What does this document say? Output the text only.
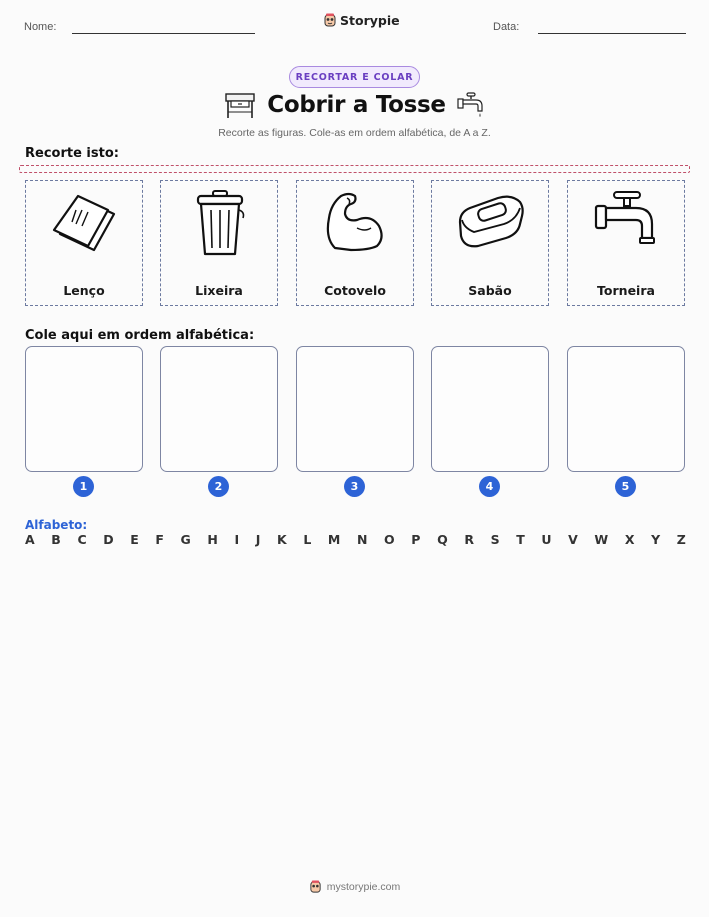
Nome:	Storypie	Data:
RECORTAR E COLAR
Cobrir a Tosse
Recorte as figuras. Cole-as em ordem alfabética, de A a Z.
Recorte isto:
Lenço	Lixeira	Cotovelo	Sabão	Torneira
Cole aqui em ordem alfabética:
1	2	3	4	5
Alfabeto:
A B C D E F G H I J K L M N O P Q R S T U V W X Y Z
mystorypie.com
